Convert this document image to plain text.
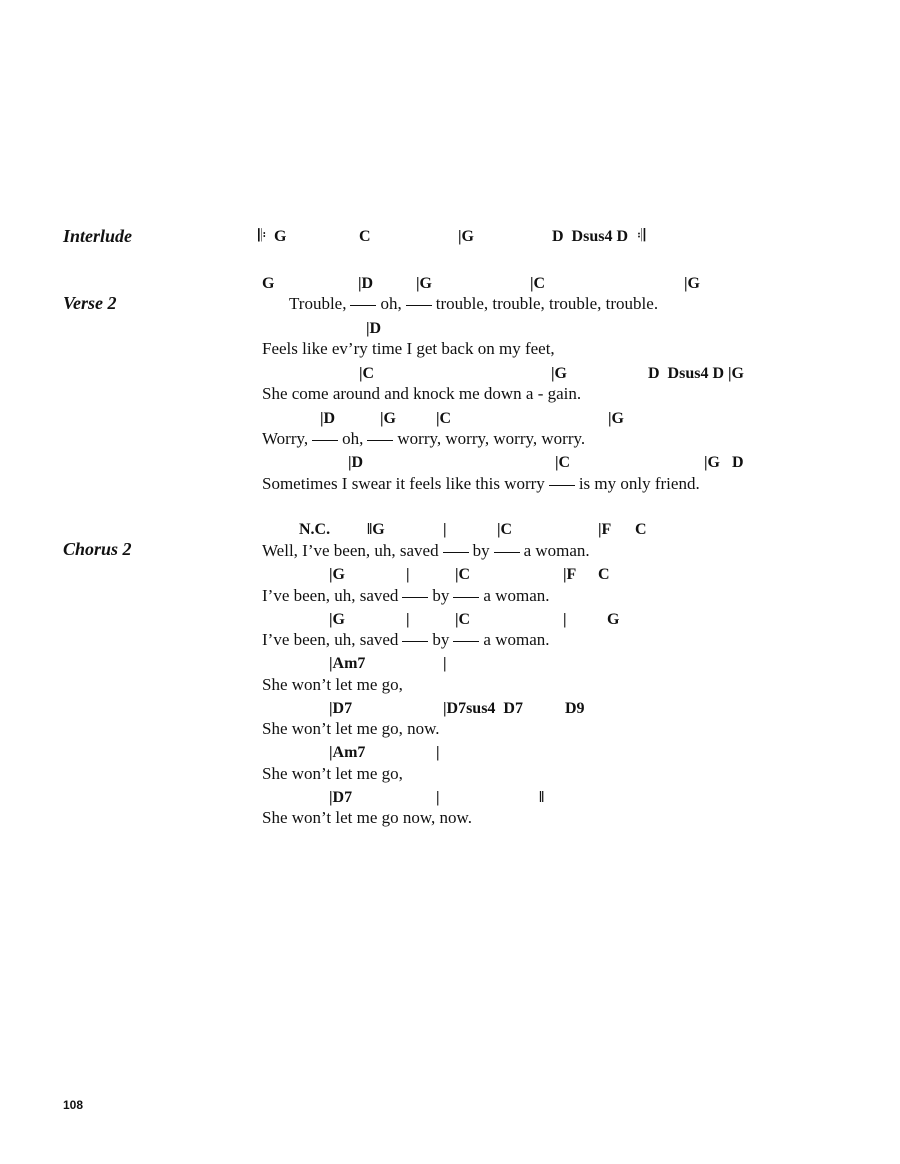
Interlude
Verse 2
Chorus 2
𝄆 G	C	|G	D  Dsus4 D 𝄇
G	|D	|G	|C	|G
Trouble, oh, trouble, trouble, trouble, trouble.
|D
Feels like ev’ry time I get back on my feet,
|C	|G	D  Dsus4 D |G
She come around and knock me down a - gain.
|D	|G	|C	|G
Worry, oh, worry, worry, worry, worry.
|D	|C	|G   D
Sometimes I swear it feels like this worry is my only friend.
N.C. ‖G	|	|C	|F C
Well, I’ve been, uh, saved by a woman.
|G	|	|C	|F C
I’ve been, uh, saved by a woman.
|G	|	|C	|	G
I’ve been, uh, saved by a woman.
|Am7	|
She won’t let me go,
|D7	|D7sus4  D7	D9
She won’t let me go, now.
|Am7	|
She won’t let me go,
|D7	|	‖
She won’t let me go now, now.
108
